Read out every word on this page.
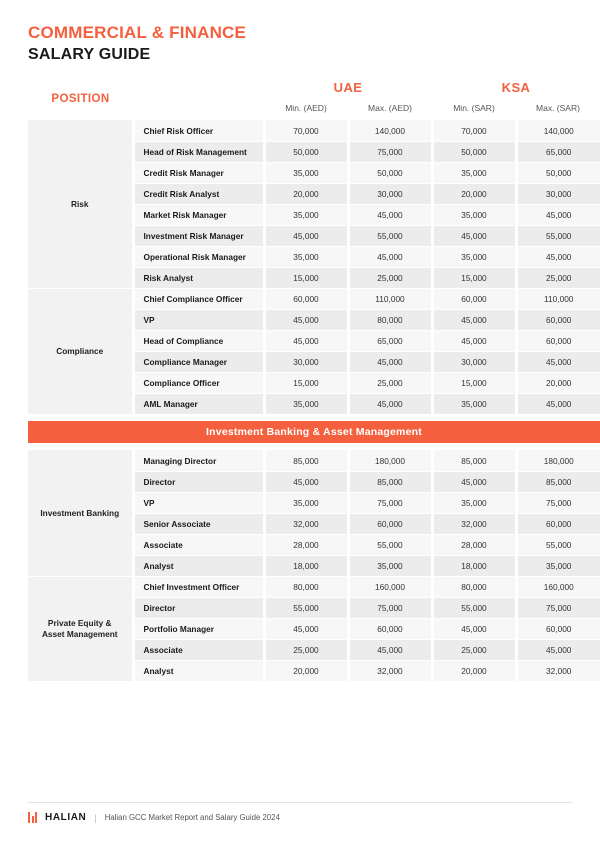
COMMERCIAL & FINANCE
SALARY GUIDE
POSITION		UAE		KSA	
		Min. (AED)	Max. (AED)	Min. (SAR)	Max. (SAR)
Risk	Chief Risk Officer	70,000	140,000	70,000	140,000
	Head of Risk Management	50,000	75,000	50,000	65,000
	Credit Risk Manager	35,000	50,000	35,000	50,000
	Credit Risk Analyst	20,000	30,000	20,000	30,000
	Market Risk Manager	35,000	45,000	35,000	45,000
	Investment Risk Manager	45,000	55,000	45,000	55,000
	Operational Risk Manager	35,000	45,000	35,000	45,000
	Risk Analyst	15,000	25,000	15,000	25,000
Compliance	Chief Compliance Officer	60,000	110,000	60,000	110,000
	VP	45,000	80,000	45,000	60,000
	Head of Compliance	45,000	65,000	45,000	60,000
	Compliance Manager	30,000	45,000	30,000	45,000
	Compliance Officer	15,000	25,000	15,000	20,000
	AML Manager	35,000	45,000	35,000	45,000

Investment Banking & Asset Management					

Investment Banking	Managing Director	85,000	180,000	85,000	180,000
	Director	45,000	85,000	45,000	85,000
	VP	35,000	75,000	35,000	75,000
	Senior Associate	32,000	60,000	32,000	60,000
	Associate	28,000	55,000	28,000	55,000
	Analyst	18,000	35,000	18,000	35,000
Private Equity & Asset Management	Chief Investment Officer	80,000	160,000	80,000	160,000
	Director	55,000	75,000	55,000	75,000
	Portfolio Manager	45,000	60,000	45,000	60,000
	Associate	25,000	45,000	25,000	45,000
	Analyst	20,000	32,000	20,000	32,000
HALIAN | Halian GCC Market Report and Salary Guide 2024
